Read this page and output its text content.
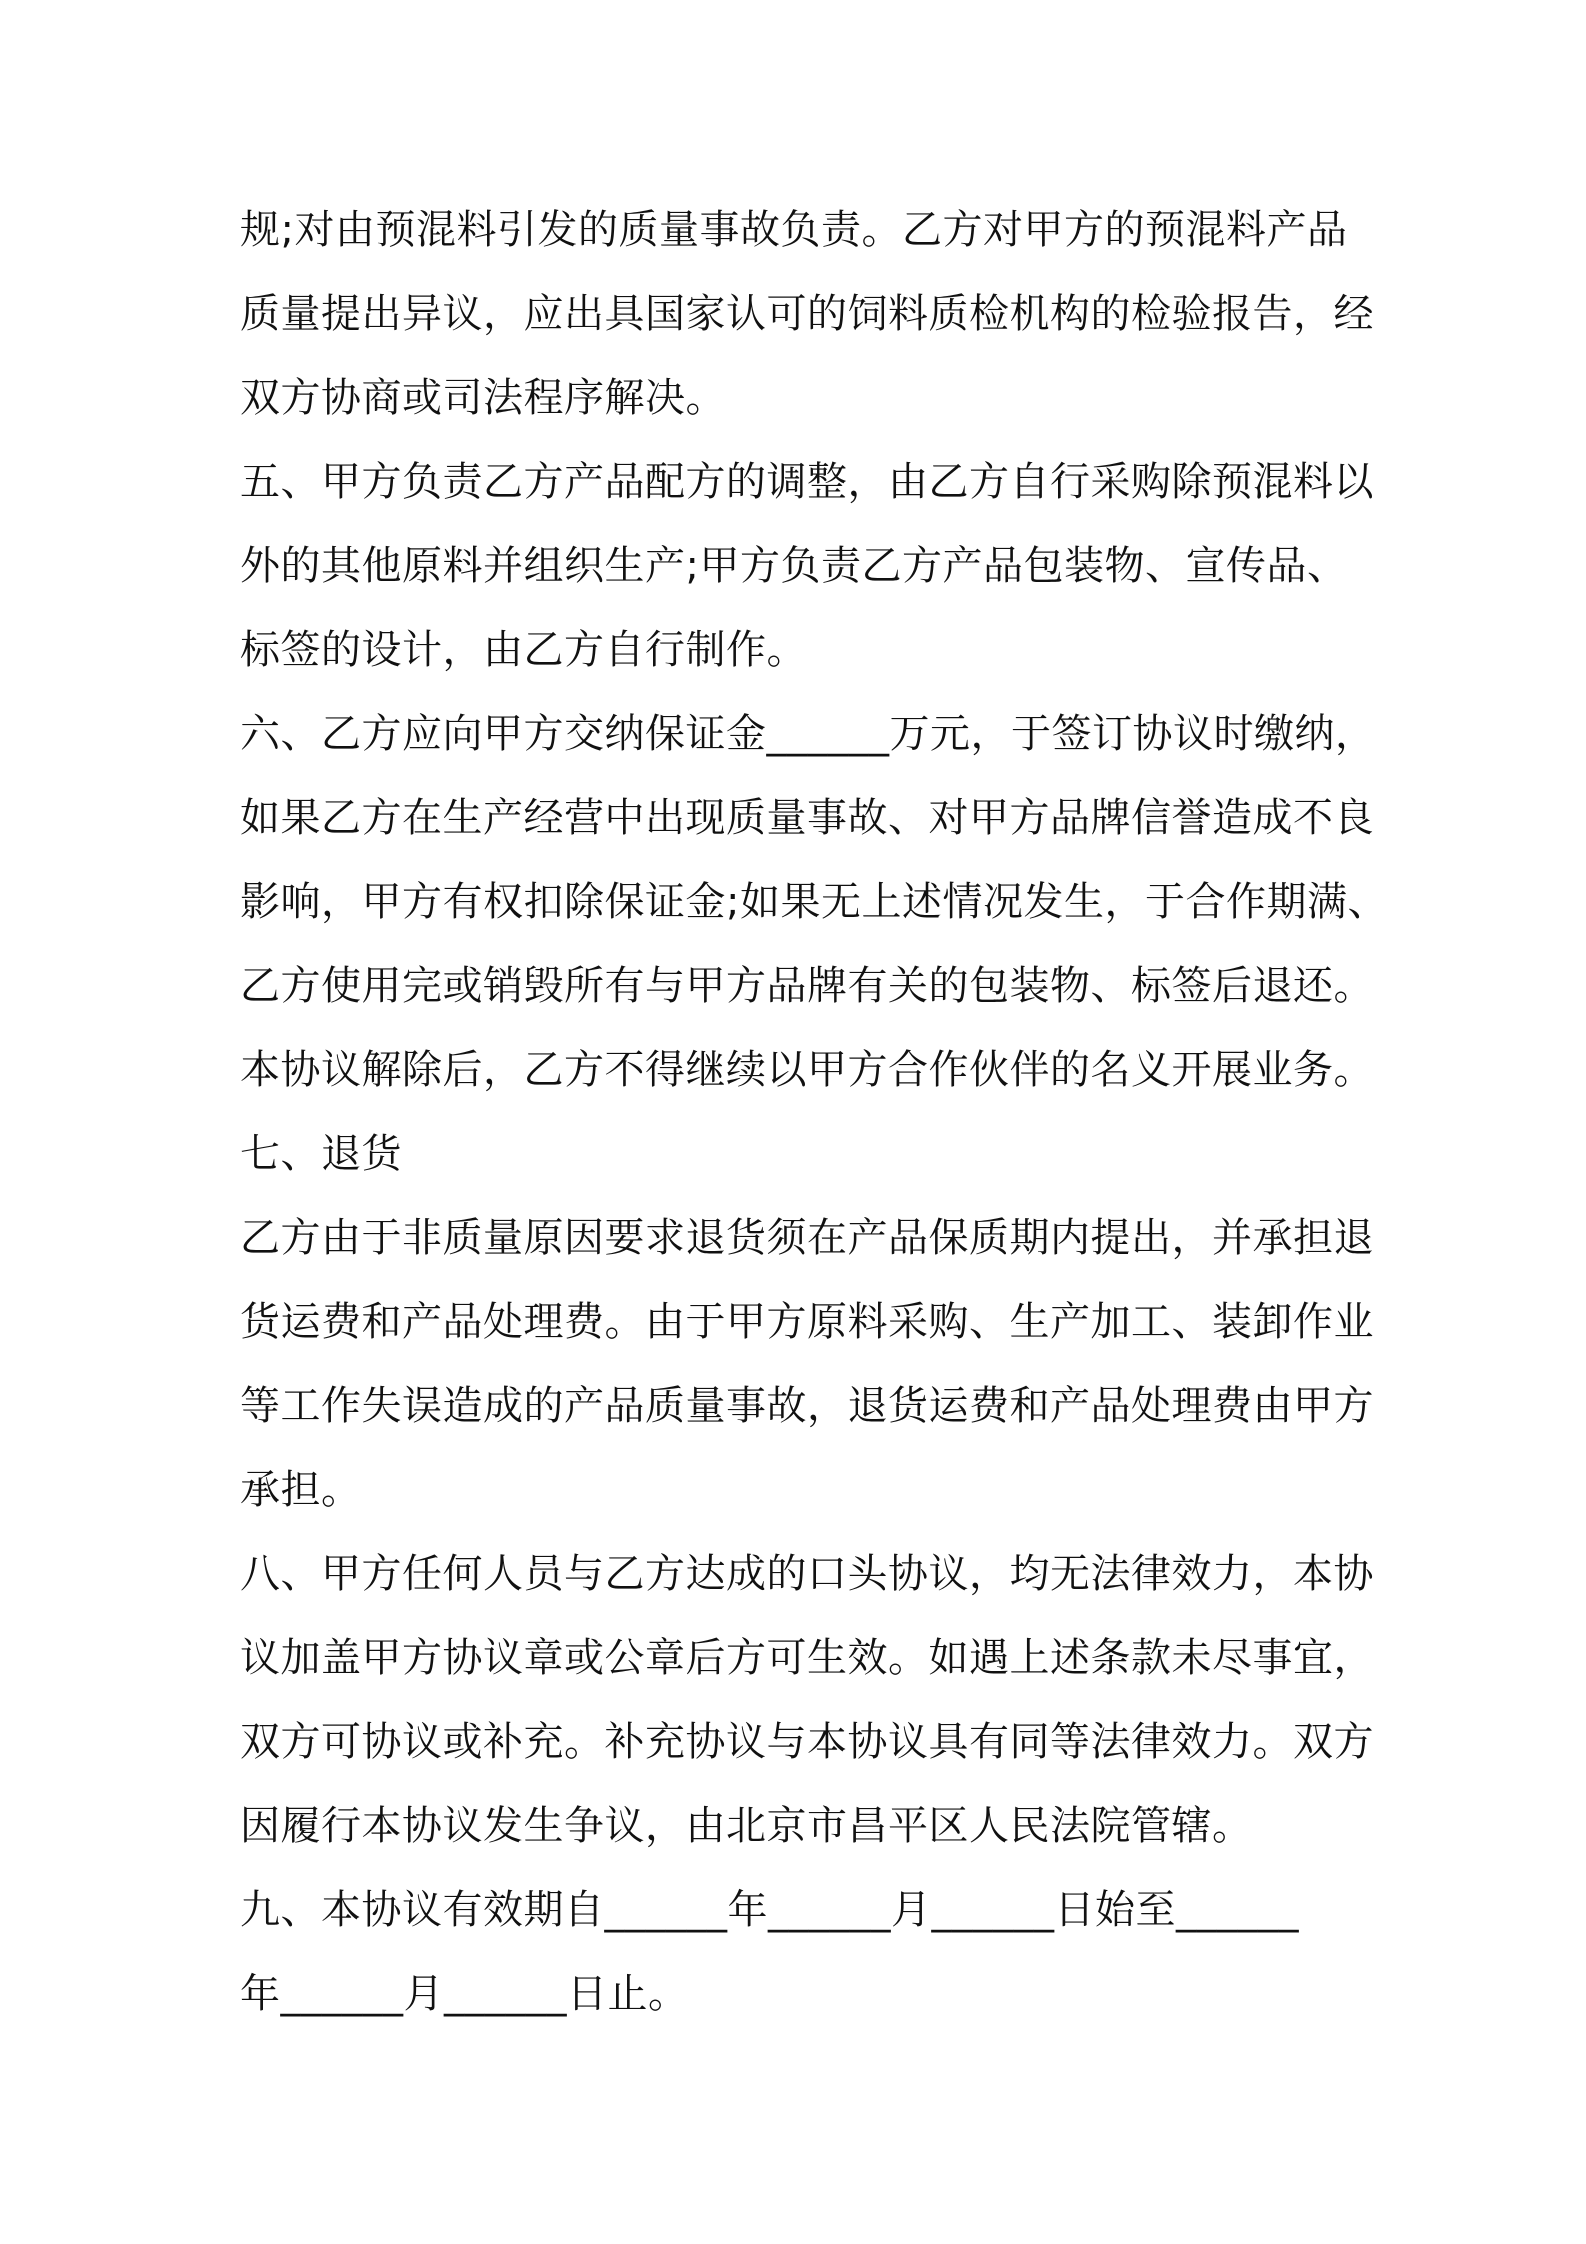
规;对由预混料引发的质量事故负责。乙方对甲方的预混料产品
质量提出异议，应出具国家认可的饲料质检机构的检验报告，经
双方协商或司法程序解决。
五、甲方负责乙方产品配方的调整，由乙方自行采购除预混料以
外的其他原料并组织生产;甲方负责乙方产品包装物、宣传品、
标签的设计，由乙方自行制作。
六、乙方应向甲方交纳保证金______万元，于签订协议时缴纳，
如果乙方在生产经营中出现质量事故、对甲方品牌信誉造成不良
影响，甲方有权扣除保证金;如果无上述情况发生，于合作期满、
乙方使用完或销毁所有与甲方品牌有关的包装物、标签后退还。
本协议解除后，乙方不得继续以甲方合作伙伴的名义开展业务。
七、退货
乙方由于非质量原因要求退货须在产品保质期内提出，并承担退
货运费和产品处理费。由于甲方原料采购、生产加工、装卸作业
等工作失误造成的产品质量事故，退货运费和产品处理费由甲方
承担。
八、甲方任何人员与乙方达成的口头协议，均无法律效力，本协
议加盖甲方协议章或公章后方可生效。如遇上述条款未尽事宜，
双方可协议或补充。补充协议与本协议具有同等法律效力。双方
因履行本协议发生争议，由北京市昌平区人民法院管辖。
九、本协议有效期自______年______月______日始至______
年______月______日止。
